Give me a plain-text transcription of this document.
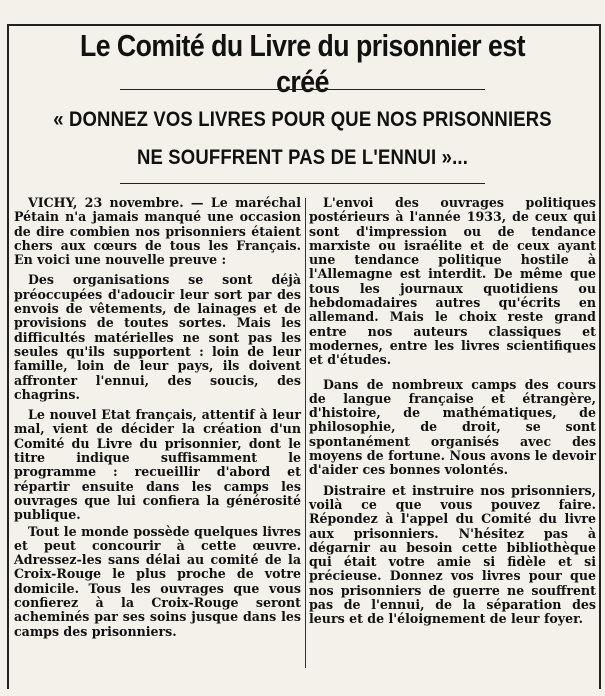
Le Comité du Livre du prisonnier est créé
« DONNEZ VOS LIVRES POUR QUE NOS PRISONNIERS
NE SOUFFRENT PAS DE L'ENNUI »...

VICHY, 23 novembre. — Le maréchal Pétain n'a jamais manqué une occasion de dire combien nos prisonniers étaient chers aux cœurs de tous les Français. En voici une nouvelle preuve :

Des organisations se sont déjà préoccupées d'adoucir leur sort par des envois de vêtements, de lainages et de provisions de toutes sortes. Mais les difficultés matérielles ne sont pas les seules qu'ils supportent : loin de leur famille, loin de leur pays, ils doivent affronter l'ennui, des soucis, des chagrins.

Le nouvel Etat français, attentif à leur mal, vient de décider la création d'un Comité du Livre du prisonnier, dont le titre indique suffisamment le programme : recueillir d'abord et répartir ensuite dans les camps les ouvrages que lui confiera la générosité publique.

Tout le monde possède quelques livres et peut concourir à cette œuvre. Adressez-les sans délai au comité de la Croix-Rouge le plus proche de votre domicile. Tous les ouvrages que vous confierez à la Croix-Rouge seront acheminés par ses soins jusque dans les camps des prisonniers.

L'envoi des ouvrages politiques postérieurs à l'année 1933, de ceux qui sont d'impression ou de tendance marxiste ou israélite et de ceux ayant une tendance politique hostile à l'Allemagne est interdit. De même que tous les journaux quotidiens ou hebdomadaires autres qu'écrits en allemand. Mais le choix reste grand entre nos auteurs classiques et modernes, entre les livres scientifiques et d'études.

Dans de nombreux camps des cours de langue française et étrangère, d'histoire, de mathématiques, de philosophie, de droit, se sont spontanément organisés avec des moyens de fortune. Nous avons le devoir d'aider ces bonnes volontés.

Distraire et instruire nos prisonniers, voilà ce que vous pouvez faire. Répondez à l'appel du Comité du livre aux prisonniers. N'hésitez pas à dégarnir au besoin cette bibliothèque qui était votre amie si fidèle et si précieuse. Donnez vos livres pour que nos prisonniers de guerre ne souffrent pas de l'ennui, de la séparation des leurs et de l'éloignement de leur foyer.
